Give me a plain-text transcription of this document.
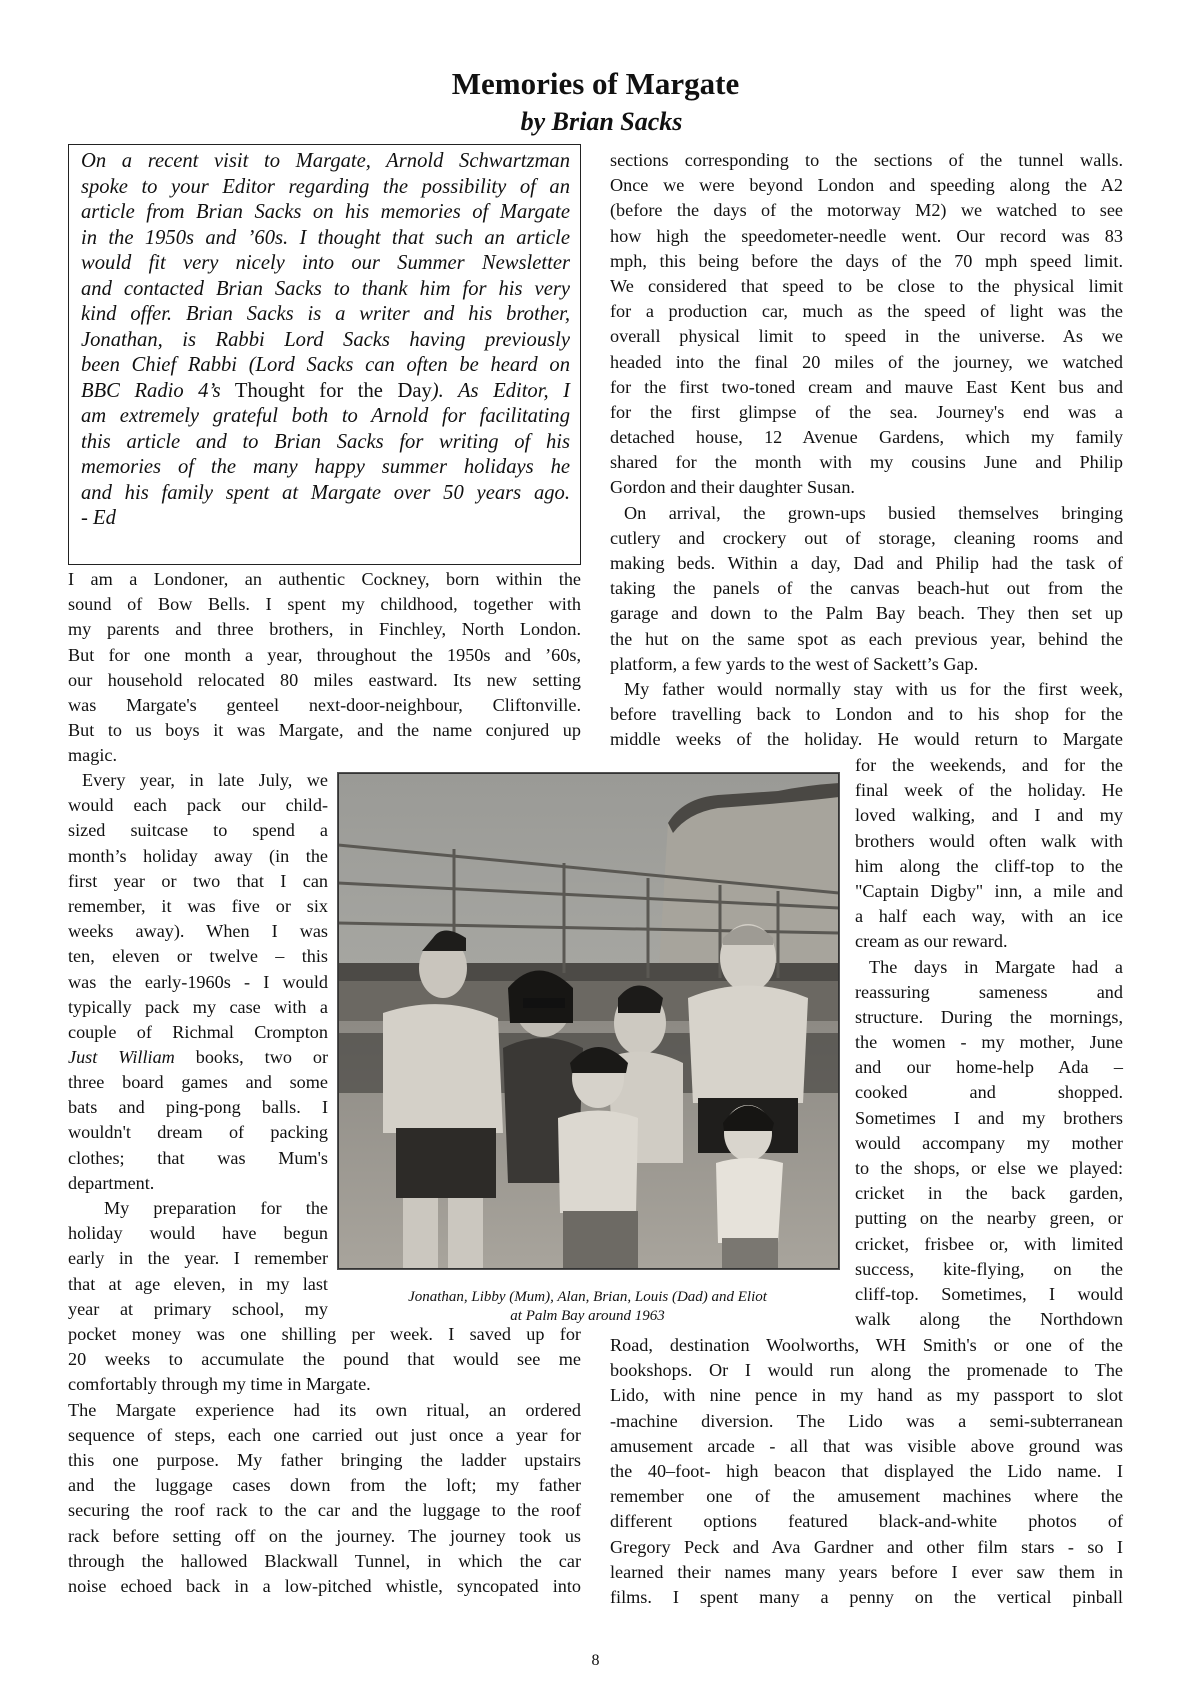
Memories of Margate
by Brian Sacks
On a recent visit to Margate, Arnold Schwartzman
spoke to your Editor regarding the possibility of an
article from Brian Sacks on his memories of Margate
in the 1950s and ’60s. I thought that such an article
would fit very nicely into our Summer Newsletter
and contacted Brian Sacks to thank him for his very
kind offer. Brian Sacks is a writer and his brother,
Jonathan, is Rabbi Lord Sacks having previously
been Chief Rabbi (Lord Sacks can often be heard on
BBC Radio 4’s Thought for the Day). As Editor, I
am extremely grateful both to Arnold for facilitating
this article and to Brian Sacks for writing of his
memories of the many happy summer holidays he
and his family spent at Margate over 50 years ago.
- Ed
I am a Londoner, an authentic Cockney, born within the
sound of Bow Bells. I spent my childhood, together with
my parents and three brothers, in Finchley, North London.
But for one month a year, throughout the 1950s and ’60s,
our household relocated 80 miles eastward. Its new setting
was Margate's genteel next-door-neighbour, Cliftonville.
But to us boys it was Margate, and the name conjured up
magic.
Every year, in late July, we
would each pack our child-
sized suitcase to spend a
month’s holiday away (in the
first year or two that I can
remember, it was five or six
weeks away). When I was
ten, eleven or twelve – this
was the early-1960s - I would
typically pack my case with a
couple of Richmal Crompton
Just William books, two or
three board games and some
bats and ping-pong balls. I
wouldn't dream of packing
clothes; that was Mum's
department.
My preparation for the
holiday would have begun
early in the year. I remember
that at age eleven, in my last
year at primary school, my
pocket money was one shilling per week. I saved up for
20 weeks to accumulate the pound that would see me
comfortably through my time in Margate.
The Margate experience had its own ritual, an ordered
sequence of steps, each one carried out just once a year for
this one purpose. My father bringing the ladder upstairs
and the luggage cases down from the loft; my father
securing the roof rack to the car and the luggage to the roof
rack before setting off on the journey. The journey took us
through the hallowed Blackwall Tunnel, in which the car
noise echoed back in a low-pitched whistle, syncopated into
sections corresponding to the sections of the tunnel walls.
Once we were beyond London and speeding along the A2
(before the days of the motorway M2) we watched to see
how high the speedometer-needle went. Our record was 83
mph, this being before the days of the 70 mph speed limit.
We considered that speed to be close to the physical limit
for a production car, much as the speed of light was the
overall physical limit to speed in the universe. As we
headed into the final 20 miles of the journey, we watched
for the first two-toned cream and mauve East Kent bus and
for the first glimpse of the sea. Journey's end was a
detached house, 12 Avenue Gardens, which my family
shared for the month with my cousins June and Philip
Gordon and their daughter Susan.
On arrival, the grown-ups busied themselves bringing
cutlery and crockery out of storage, cleaning rooms and
making beds. Within a day, Dad and Philip had the task of
taking the panels of the canvas beach-hut out from the
garage and down to the Palm Bay beach. They then set up
the hut on the same spot as each previous year, behind the
platform, a few yards to the west of Sackett’s Gap.
My father would normally stay with us for the first week,
before travelling back to London and to his shop for the
middle weeks of the holiday. He would return to Margate
for the weekends, and for the
final week of the holiday. He
loved walking, and I and my
brothers would often walk with
him along the cliff-top to the
"Captain Digby" inn, a mile and
a half each way, with an ice
cream as our reward.
The days in Margate had a
reassuring sameness and
structure. During the mornings,
the women - my mother, June
and our home-help Ada –
cooked and shopped.
Sometimes I and my brothers
would accompany my mother
to the shops, or else we played:
cricket in the back garden,
putting on the nearby green, or
cricket, frisbee or, with limited
success, kite-flying, on the
cliff-top. Sometimes, I would
walk along the Northdown
Road, destination Woolworths, WH Smith's or one of the
bookshops. Or I would run along the promenade to The
Lido, with nine pence in my hand as my passport to slot
-machine diversion. The Lido was a semi-subterranean
amusement arcade - all that was visible above ground was
the 40–foot- high beacon that displayed the Lido name. I
remember one of the amusement machines where the
different options featured black-and-white photos of
Gregory Peck and Ava Gardner and other film stars - so I
learned their names many years before I ever saw them in
films. I spent many a penny on the vertical pinball
Jonathan, Libby (Mum), Alan, Brian, Louis (Dad) and Eliot
at Palm Bay around 1963
8
